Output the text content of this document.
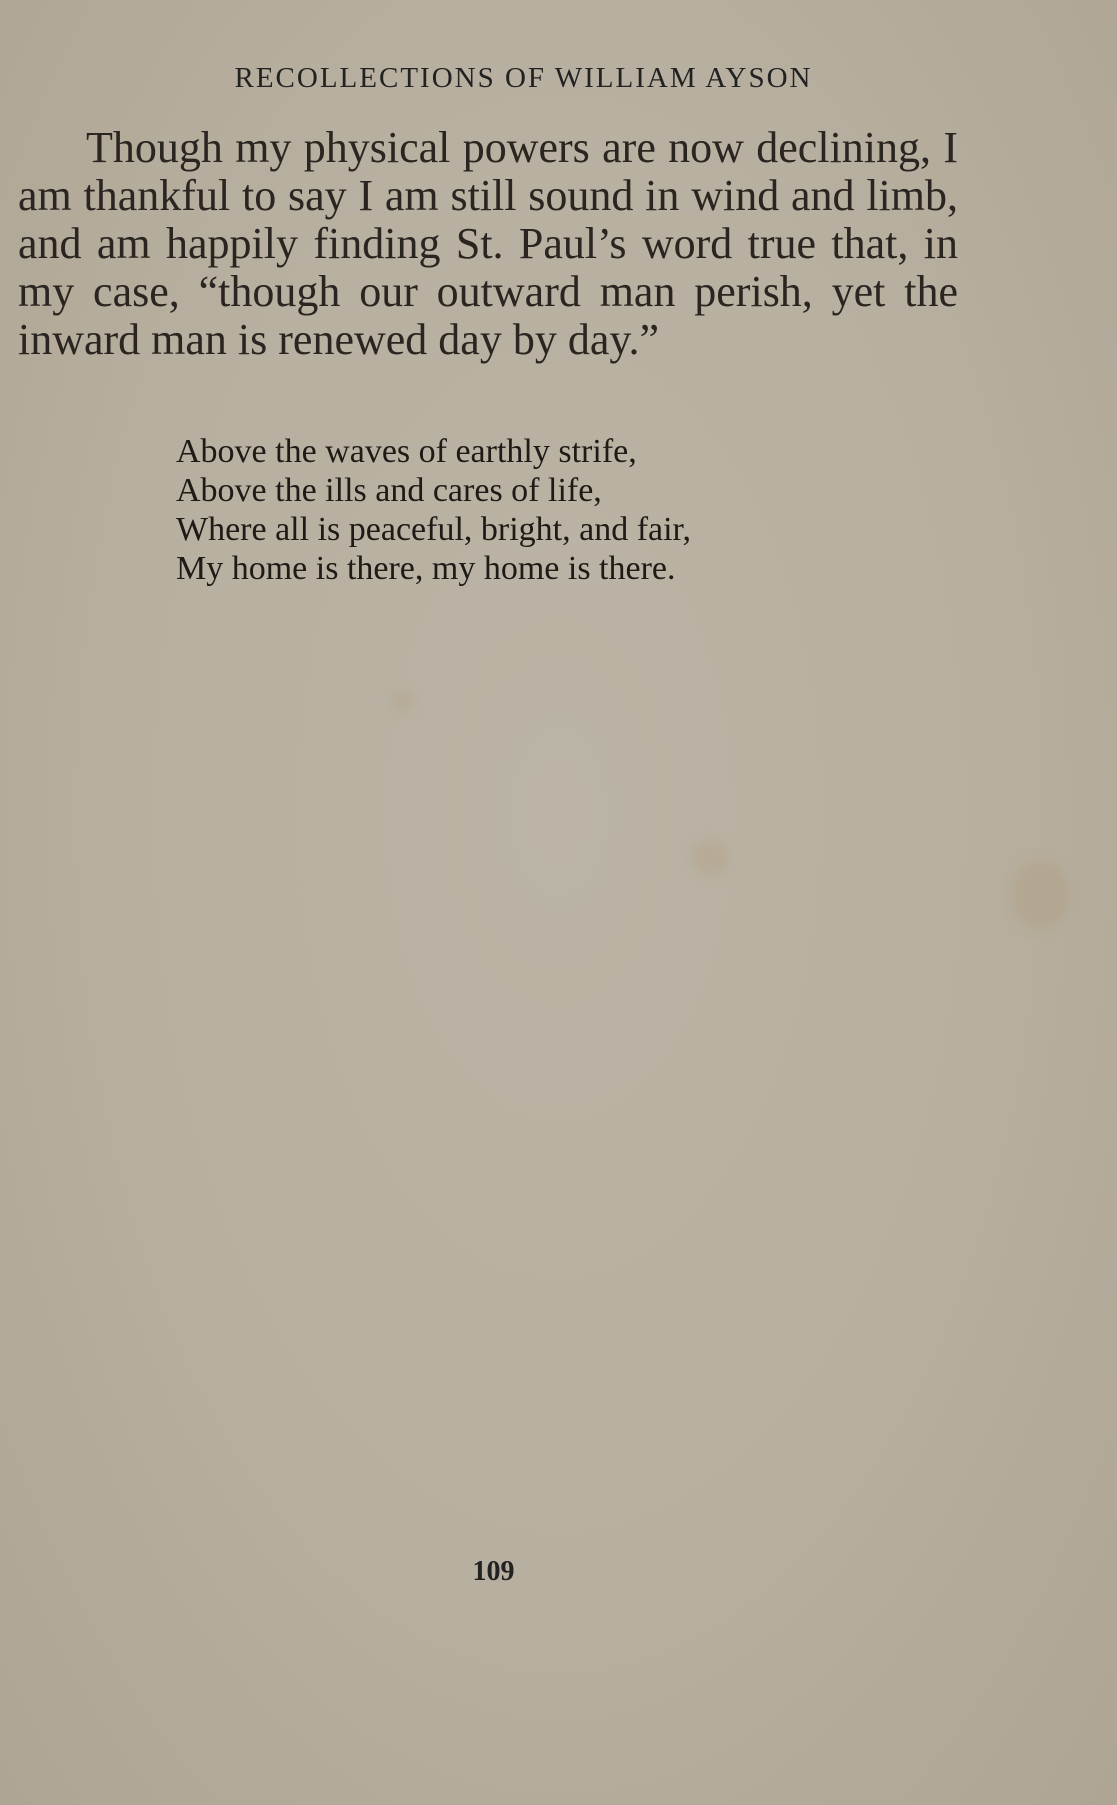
RECOLLECTIONS OF WILLIAM AYSON

Though my physical powers are now declining, I am thankful to say I am still sound in wind and limb, and am happily finding St. Paul’s word true that, in my case, “though our outward man perish, yet the inward man is renewed day by day.”

Above the waves of earthly strife,
Above the ills and cares of life,
Where all is peaceful, bright, and fair,
My home is there, my home is there.
109
